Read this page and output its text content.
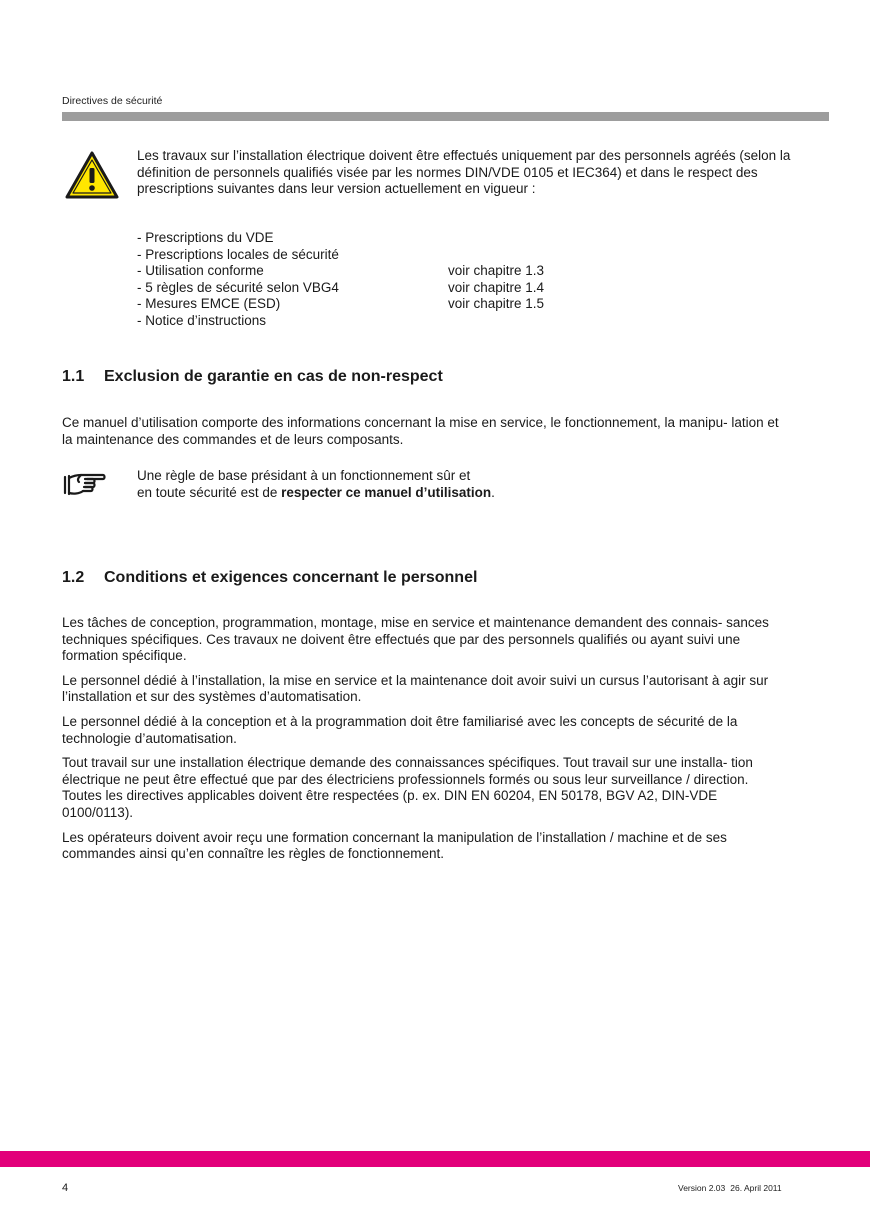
Directives de sécurité
Les travaux sur l’installation électrique doivent être effectués uniquement par des personnels agréés (selon la définition de personnels qualifiés visée par les normes DIN/VDE 0105 et IEC364) et dans le respect des prescriptions suivantes dans leur version actuellement en vigueur :
- Prescriptions du VDE
- Prescriptions locales de sécurité
- Utilisation conforme	voir chapitre 1.3
- 5 règles de sécurité selon VBG4	voir chapitre 1.4
- Mesures EMCE (ESD)	voir chapitre 1.5
- Notice d’instructions
1.1 Exclusion de garantie en cas de non-respect
Ce manuel d’utilisation comporte des informations concernant la mise en service, le fonctionnement, la manipu- lation et la maintenance des commandes et de leurs composants.
Une règle de base présidant à un fonctionnement sûr et
en toute sécurité est de respecter ce manuel d’utilisation.
1.2 Conditions et exigences concernant le personnel

Les tâches de conception, programmation, montage, mise en service et maintenance demandent des connais- sances techniques spécifiques. Ces travaux ne doivent être effectués que par des personnels qualifiés ou ayant suivi une formation spécifique.

Le personnel dédié à l’installation, la mise en service et la maintenance doit avoir suivi un cursus l’autorisant à agir sur l’installation et sur des systèmes d’automatisation.

Le personnel dédié à la conception et à la programmation doit être familiarisé avec les concepts de sécurité de la technologie d’automatisation.

Tout travail sur une installation électrique demande des connaissances spécifiques. Tout travail sur une installa- tion électrique ne peut être effectué que par des électriciens professionnels formés ou sous leur surveillance / direction. Toutes les directives applicables doivent être respectées (p. ex. DIN EN 60204, EN 50178, BGV A2, DIN-VDE 0100/0113).

Les opérateurs doivent avoir reçu une formation concernant la manipulation de l’installation / machine et de ses commandes ainsi qu’en connaître les règles de fonctionnement.

4	Version 2.03 26. April 2011
